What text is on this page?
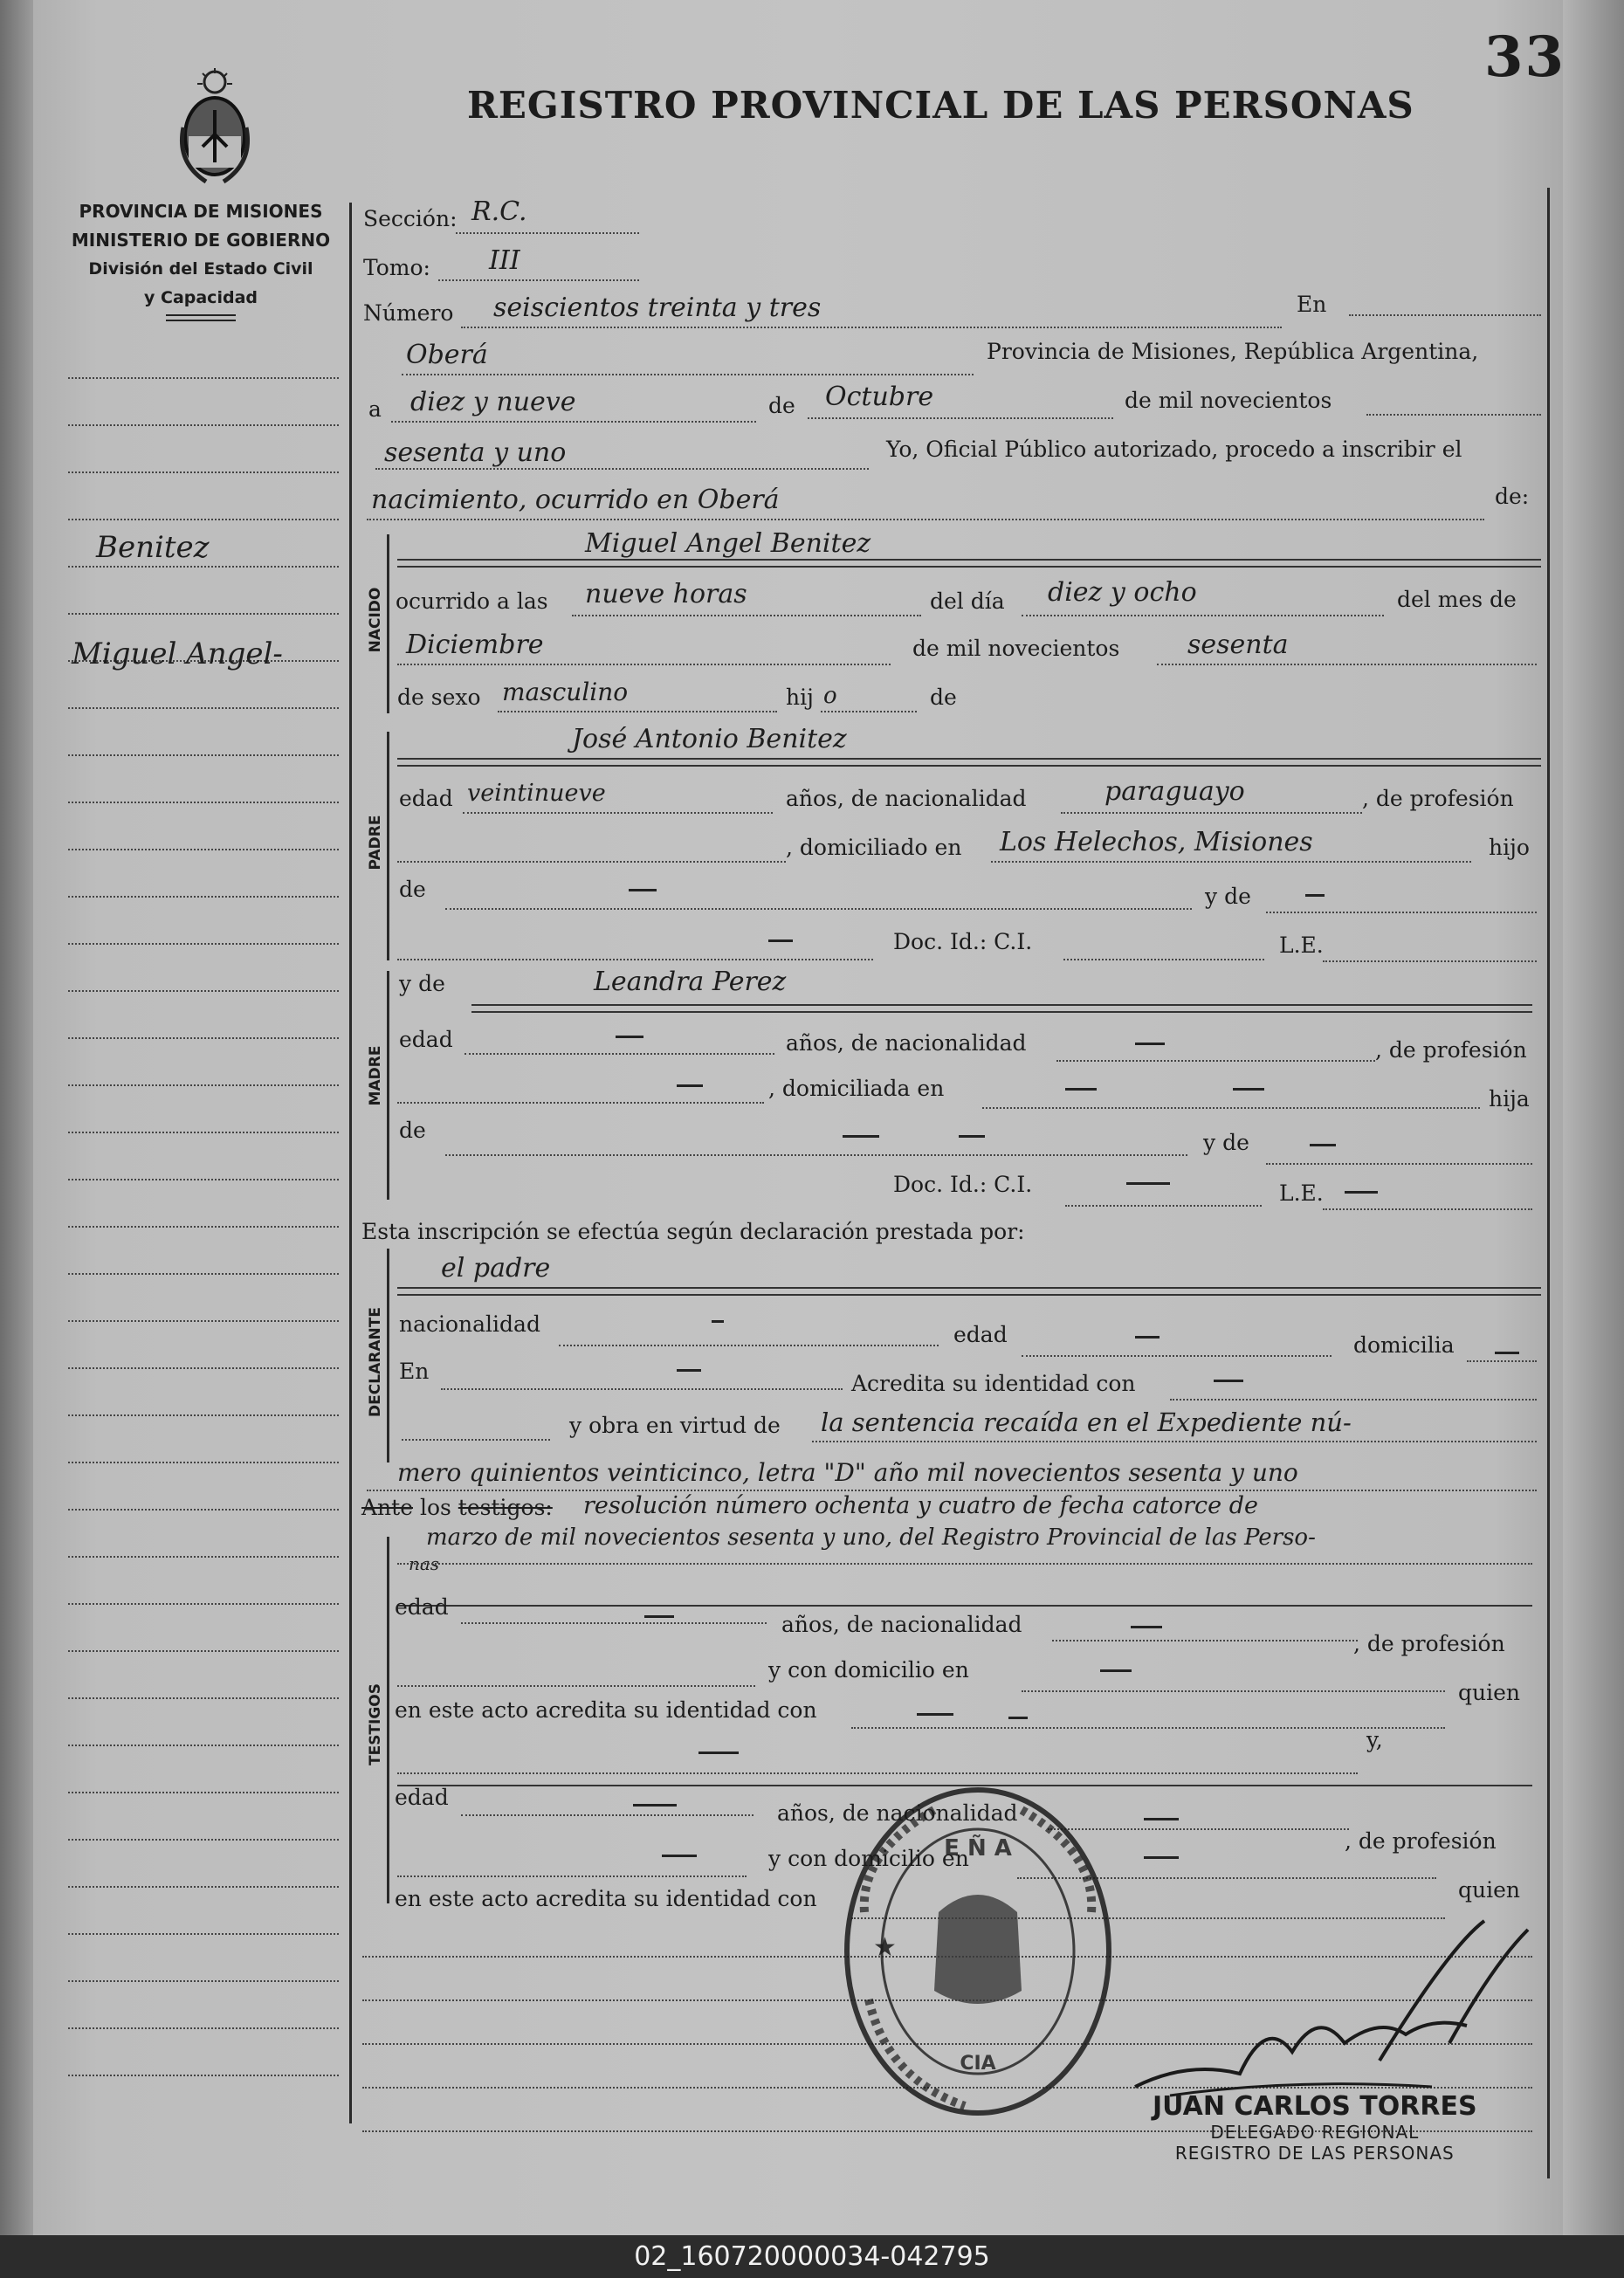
33
REGISTRO PROVINCIAL DE LAS PERSONAS
PROVINCIA DE MISIONES
MINISTERIO DE GOBIERNO
División del Estado Civil
y Capacidad
Benitez
Miguel Angel-
NACIDO
PADRE
MADRE
DECLARANTE
TESTIGOS
Sección: R.C.
Tomo: III
Número seiscientos treinta y tres	En
Oberá	Provincia de Misiones, República Argentina,
a diez y nueve	de Octubre	de mil novecientos
sesenta y uno	Yo, Oficial Público autorizado, procedo a inscribir el
nacimiento, ocurrido en Oberá	de:
Miguel Angel Benitez
ocurrido a las nueve horas	del día diez y ocho	del mes de
Diciembre	de mil novecientos	sesenta
de sexo masculino	hij o	de
José Antonio Benitez
edad veintinueve	años, de nacionalidad	paraguayo	, de profesión
, domiciliado en Los Helechos, Misiones	hijo
de	y de
Doc. Id.: C.I.	L.E.
y de	Leandra Perez
edad	años, de nacionalidad	, de profesión
, domiciliada en	hija
de	y de
Doc. Id.: C.I.	L.E.
Esta inscripción se efectúa según declaración prestada por:
el padre
nacionalidad	edad	domicilia
En	Acredita su identidad con
y obra en virtud de la sentencia recaída en el Expediente nú-
mero quinientos veinticinco, letra "D" año mil novecientos sesenta y uno
Ante los testigos: resolución número ochenta y cuatro de fecha catorce de
marzo de mil novecientos sesenta y uno, del Registro Provincial de las Perso-
nas
edad
años, de nacionalidad
, de profesión
y con domicilio en
en este acto acredita su identidad con
quien
y,
edad
años, de nacionalidad
, de profesión
y con domicilio en
en este acto acredita su identidad con	quien
E Ñ A
CIA
★
JUAN CARLOS TORRES
DELEGADO REGIONAL
REGISTRO DE LAS PERSONAS
02_160720000034-042795
